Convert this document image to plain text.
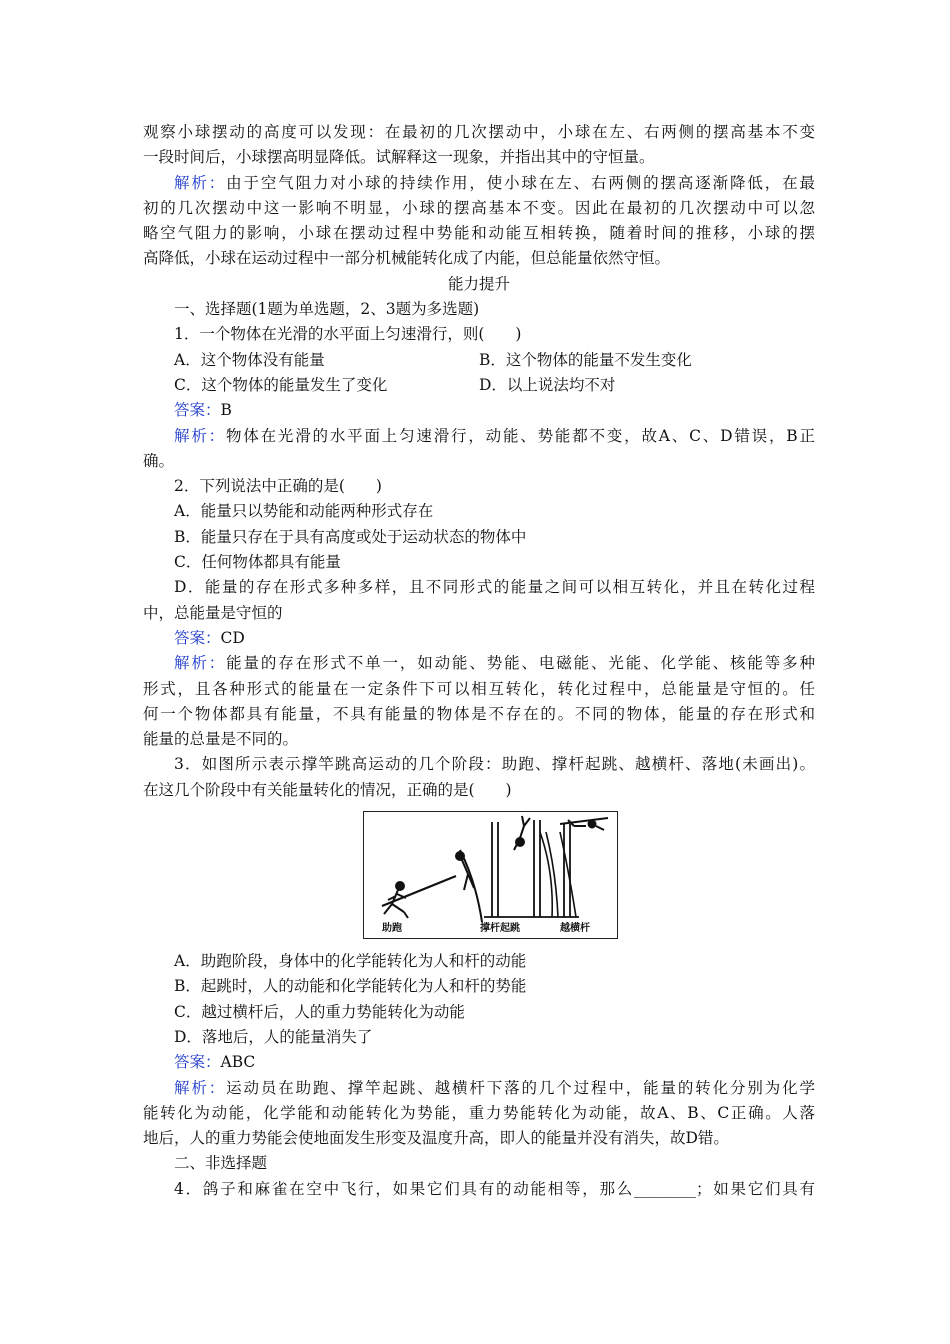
观察小球摆动的高度可以发现：在最初的几次摆动中，小球在左、右两侧的摆高基本不变
一段时间后，小球摆高明显降低。试解释这一现象，并指出其中的守恒量。
解析：由于空气阻力对小球的持续作用，使小球在左、右两侧的摆高逐渐降低，在最
初的几次摆动中这一影响不明显，小球的摆高基本不变。因此在最初的几次摆动中可以忽
略空气阻力的影响，小球在摆动过程中势能和动能互相转换，随着时间的推移，小球的摆
高降低，小球在运动过程中一部分机械能转化成了内能，但总能量依然守恒。
能力提升
一、选择题(1题为单选题，2、3题为多选题)
1．一个物体在光滑的水平面上匀速滑行，则(　　)
A．这个物体没有能量	B．这个物体的能量不发生变化
C．这个物体的能量发生了变化	D．以上说法均不对
答案：B
解析：物体在光滑的水平面上匀速滑行，动能、势能都不变，故A、C、D错误，B正
确。
2．下列说法中正确的是(　　)
A．能量只以势能和动能两种形式存在
B．能量只存在于具有高度或处于运动状态的物体中
C．任何物体都具有能量
D．能量的存在形式多种多样，且不同形式的能量之间可以相互转化，并且在转化过程
中，总能量是守恒的
答案：CD
解析：能量的存在形式不单一，如动能、势能、电磁能、光能、化学能、核能等多种
形式，且各种形式的能量在一定条件下可以相互转化，转化过程中，总能量是守恒的。任
何一个物体都具有能量，不具有能量的物体是不存在的。不同的物体，能量的存在形式和
能量的总量是不同的。
3．如图所示表示撑竿跳高运动的几个阶段：助跑、撑杆起跳、越横杆、落地(未画出)。
在这几个阶段中有关能量转化的情况，正确的是(　　)
助跑	撑杆起跳	越横杆
A．助跑阶段，身体中的化学能转化为人和杆的动能
B．起跳时，人的动能和化学能转化为人和杆的势能
C．越过横杆后，人的重力势能转化为动能
D．落地后，人的能量消失了
答案：ABC
解析：运动员在助跑、撑竿起跳、越横杆下落的几个过程中，能量的转化分别为化学
能转化为动能，化学能和动能转化为势能，重力势能转化为动能，故A、B、C正确。人落
地后，人的重力势能会使地面发生形变及温度升高，即人的能量并没有消失，故D错。
二、非选择题
4．鸽子和麻雀在空中飞行，如果它们具有的动能相等，那么________；如果它们具有
